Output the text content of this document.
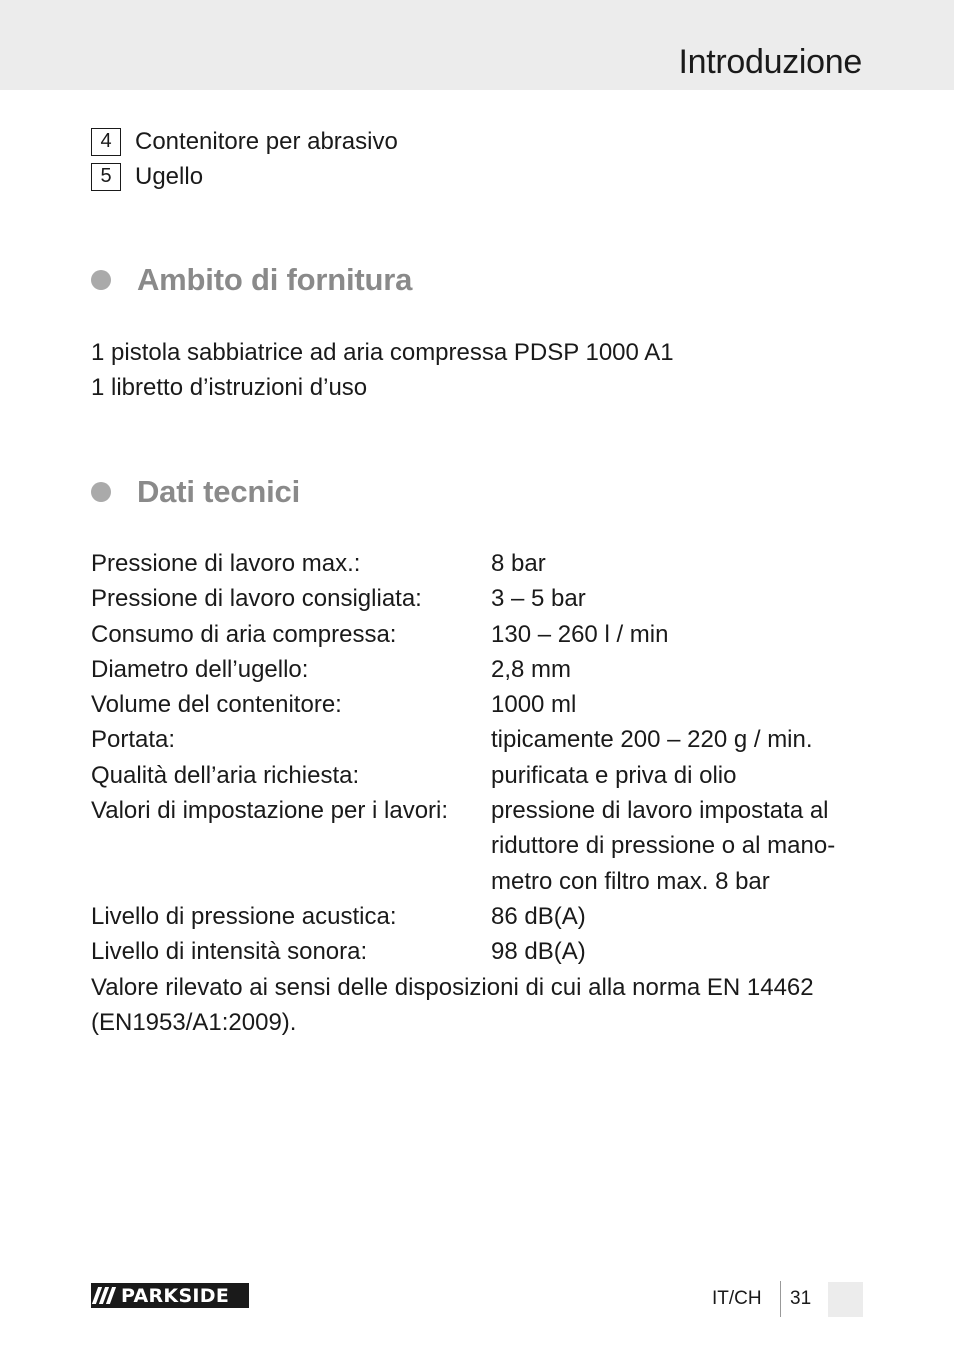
Introduzione
4 Contenitore per abrasivo
5 Ugello
Ambito di fornitura
1 pistola sabbiatrice ad aria compressa PDSP 1000 A1
1 libretto d’istruzioni d’uso
Dati tecnici
Pressione di lavoro max.:	8 bar
Pressione di lavoro consigliata:	3 – 5 bar
Consumo di aria compressa:	130 – 260 l / min
Diametro dell’ugello:	2,8 mm
Volume del contenitore:	1000 ml
Portata:	tipicamente 200 – 220 g / min.
Qualità dell’aria richiesta:	purificata e priva di olio
Valori di impostazione per i lavori:	pressione di lavoro impostata al riduttore di pressione o al mano-metro con filtro max. 8 bar
Livello di pressione acustica:	86 dB(A)
Livello di intensità sonora:	98 dB(A)
Valore rilevato ai sensi delle disposizioni di cui alla norma EN 14462 (EN1953/A1:2009).
PARKSIDE	IT/CH 31
